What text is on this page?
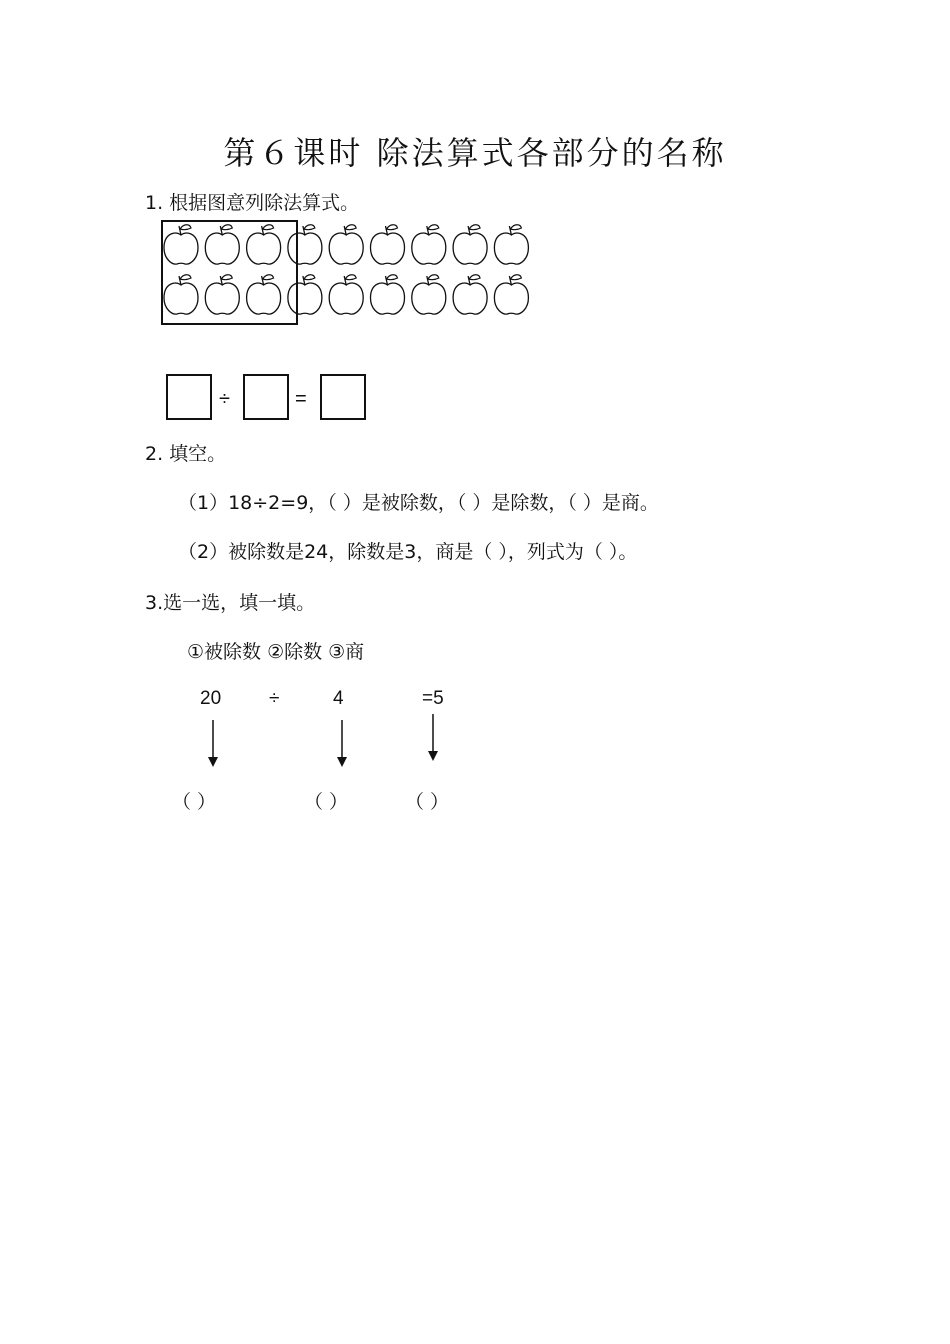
第６课时 除法算式各部分的名称
1. 根据图意列除法算式。
÷	=
2. 填空。
（1）18÷2=9，（ ）是被除数，（ ）是除数，（ ）是商。
（2）被除数是24，除数是3，商是（ ），列式为（ ）。
3.选一选，填一填。
①被除数 ②除数 ③商
20	÷	4	=5
（ ）	（ ）	（ ）
